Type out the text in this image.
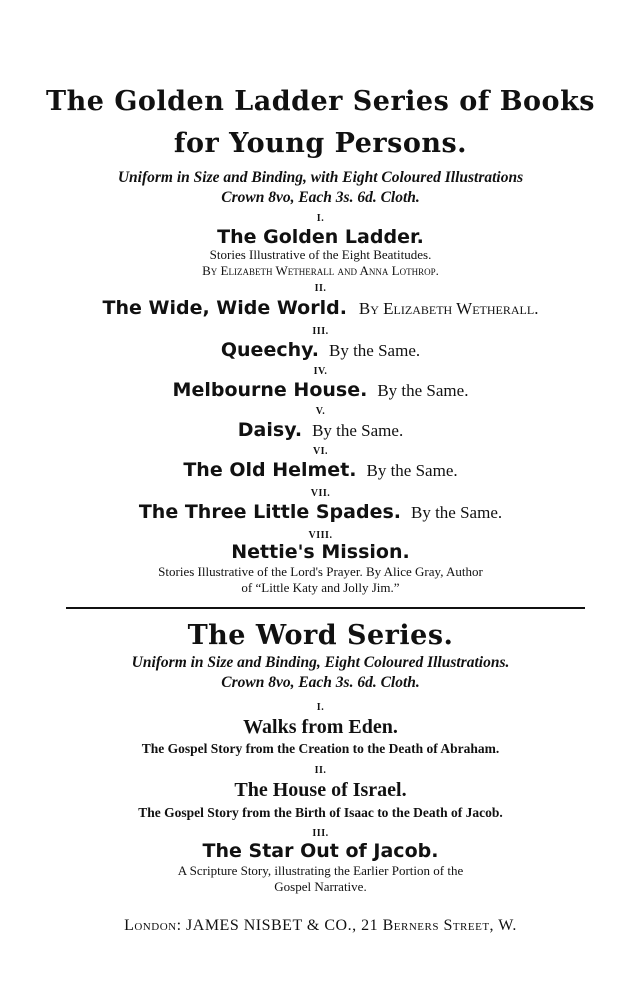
The Golden Ladder Series of Books
for Young Persons.
Uniform in Size and Binding, with Eight Coloured Illustrations
Crown 8vo, Each 3s. 6d. Cloth.
I.
The Golden Ladder.
Stories Illustrative of the Eight Beatitudes.
By Elizabeth Wetherall and Anna Lothrop.
II.
The Wide, Wide World. By Elizabeth Wetherall.
III.
Queechy. By the Same.
IV.
Melbourne House. By the Same.
V.
Daisy. By the Same.
VI.
The Old Helmet. By the Same.
VII.
The Three Little Spades. By the Same.
VIII.
Nettie's Mission.
Stories Illustrative of the Lord's Prayer. By Alice Gray, Author
of “Little Katy and Jolly Jim.”
The Word Series.
Uniform in Size and Binding, Eight Coloured Illustrations.
Crown 8vo, Each 3s. 6d. Cloth.
I.
Walks from Eden.
The Gospel Story from the Creation to the Death of Abraham.
II.
The House of Israel.
The Gospel Story from the Birth of Isaac to the Death of Jacob.
III.
The Star Out of Jacob.
A Scripture Story, illustrating the Earlier Portion of the
Gospel Narrative.
London: JAMES NISBET & CO., 21 Berners Street, W.
